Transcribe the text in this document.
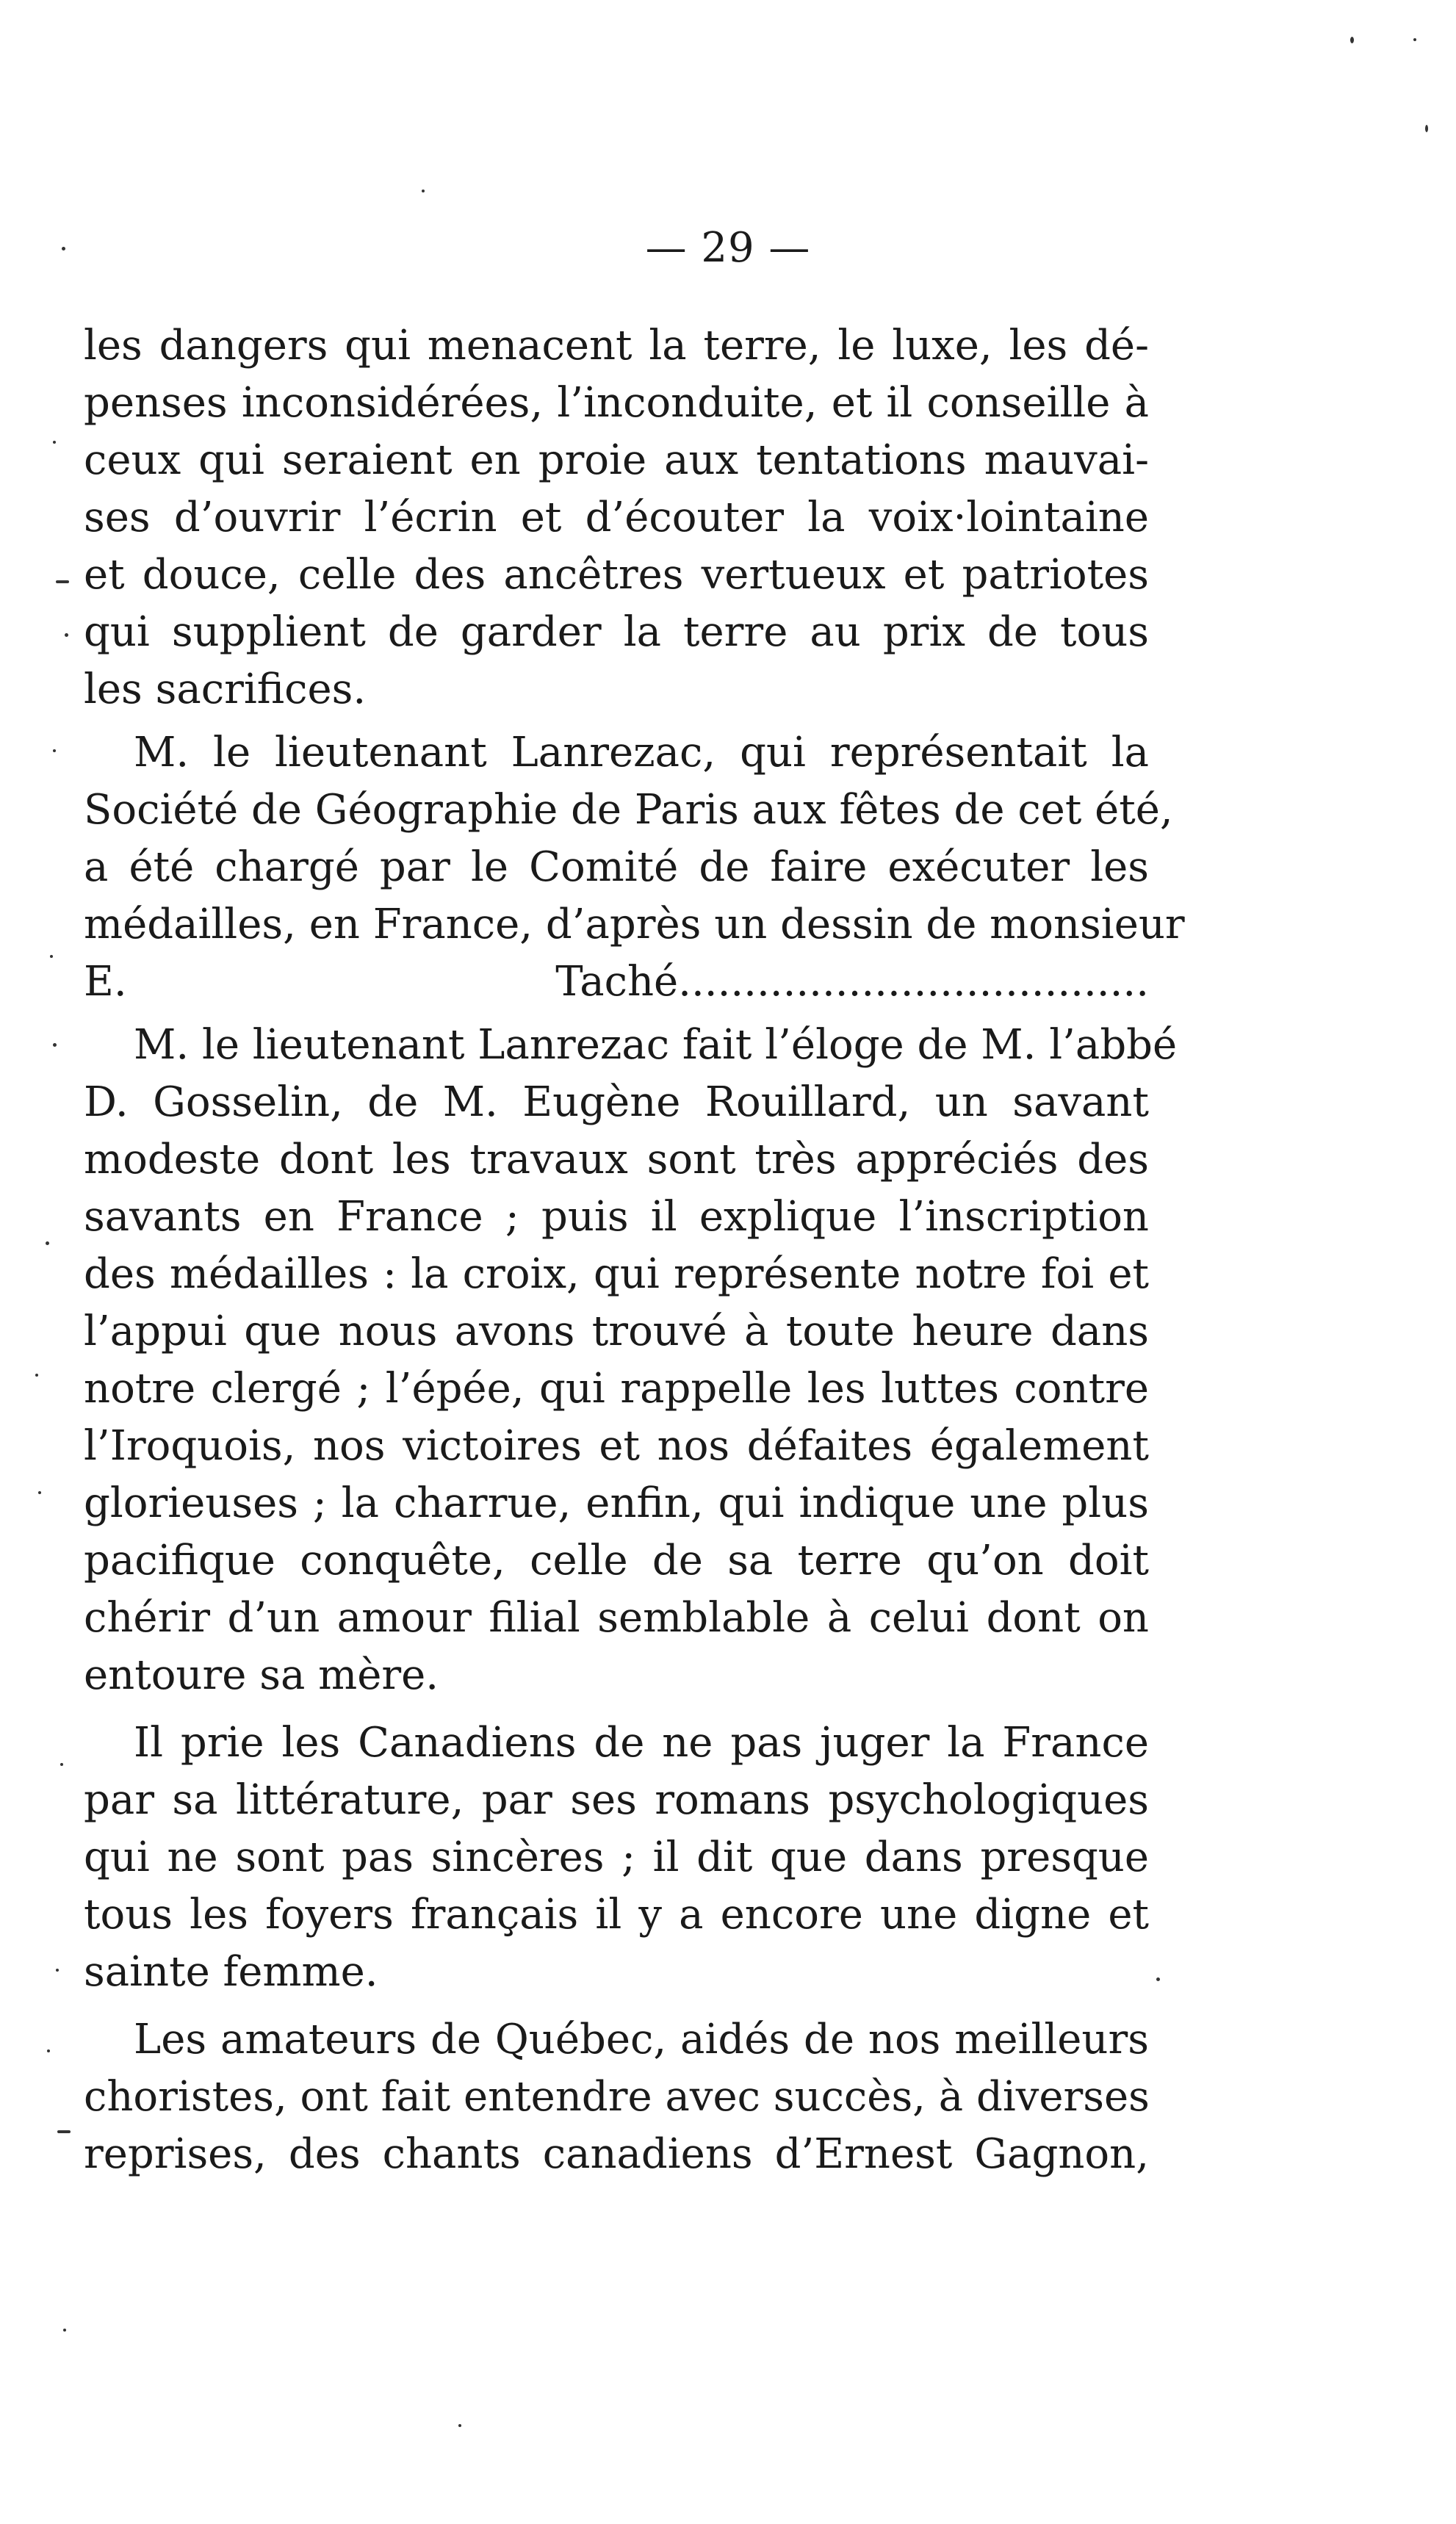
— 29 —
les dangers qui menacent la terre, le luxe, les dé-
penses inconsidérées, l’inconduite, et il conseille à
ceux qui seraient en proie aux tentations mauvai-
ses d’ouvrir l’écrin et d’écouter la voix·lointaine
et douce, celle des ancêtres vertueux et patriotes
qui supplient de garder la terre au prix de tous
les sacrifices.
M. le lieutenant Lanrezac, qui représentait la
Société de Géographie de Paris aux fêtes de cet été,
a été chargé par le Comité de faire exécuter les
médailles, en France, d’après un dessin de monsieur
E. Taché....................................
M. le lieutenant Lanrezac fait l’éloge de M. l’abbé
D. Gosselin, de M. Eugène Rouillard, un savant
modeste dont les travaux sont très appréciés des
savants en France ; puis il explique l’inscription
des médailles : la croix, qui représente notre foi et
l’appui que nous avons trouvé à toute heure dans
notre clergé ; l’épée, qui rappelle les luttes contre
l’Iroquois, nos victoires et nos défaites également
glorieuses ; la charrue, enfin, qui indique une plus
pacifique conquête, celle de sa terre qu’on doit
chérir d’un amour filial semblable à celui dont on
entoure sa mère.
Il prie les Canadiens de ne pas juger la France
par sa littérature, par ses romans psychologiques
qui ne sont pas sincères ; il dit que dans presque
tous les foyers français il y a encore une digne et
sainte femme.
Les amateurs de Québec, aidés de nos meilleurs
choristes, ont fait entendre avec succès, à diverses
reprises, des chants canadiens d’Ernest Gagnon,
